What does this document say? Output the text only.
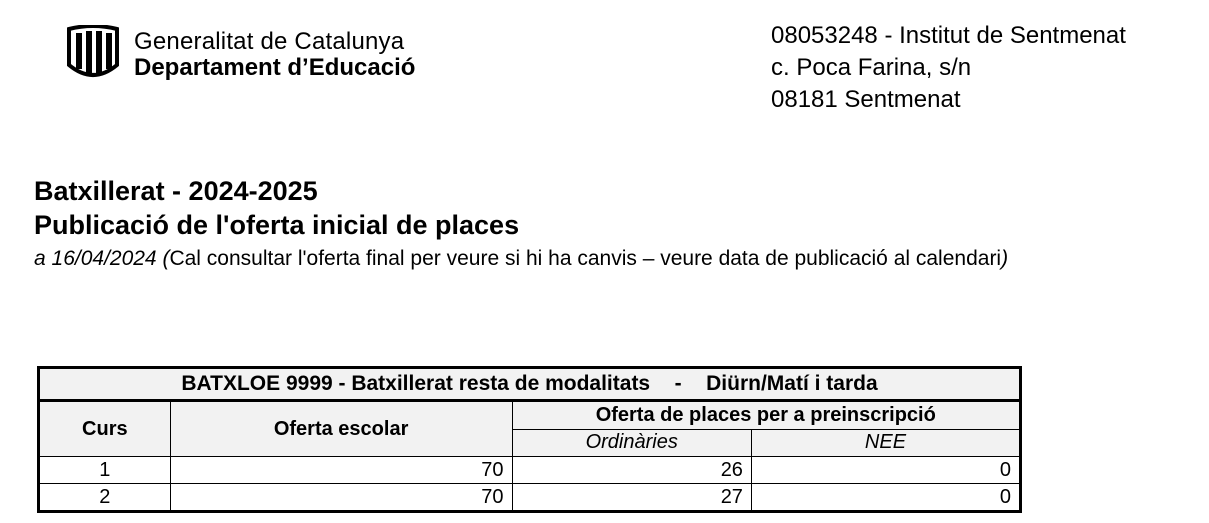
Generalitat de Catalunya
Departament d’Educació
08053248 - Institut de Sentmenat
c. Poca Farina, s/n
08181 Sentmenat
Batxillerat - 2024-2025
Publicació de l'oferta inicial de places
a 16/04/2024 (Cal consultar l'oferta final per veure si hi ha canvis – veure data de publicació al calendari)
BATXLOE 9999 - Batxillerat resta de modalitats - Diürn/Matí i tarda			
Curs	Oferta escolar	Oferta de places per a preinscripció	
		Ordinàries	NEE
1	70	26	0
2	70	27	0
